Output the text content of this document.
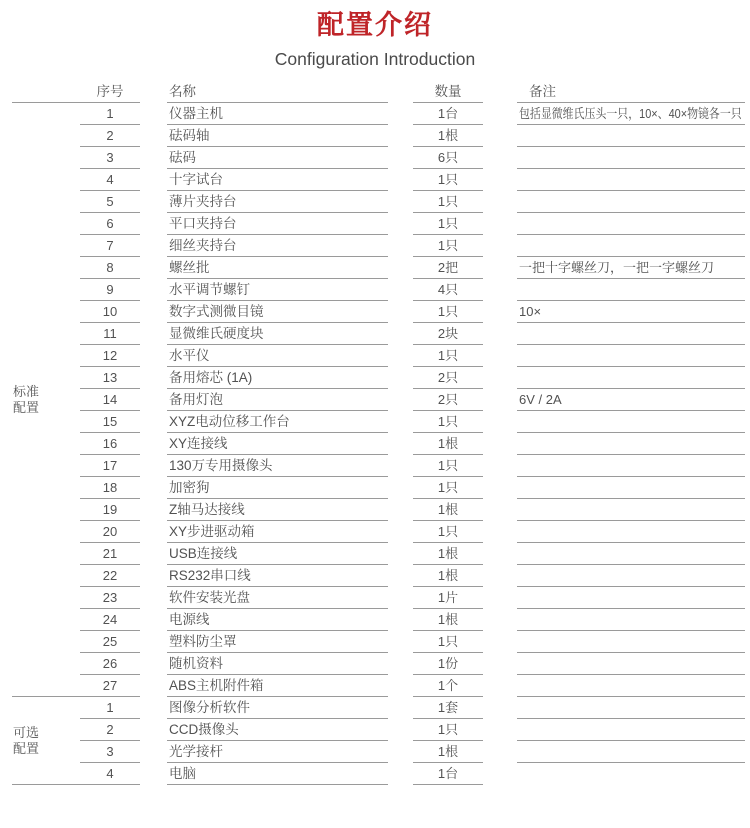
配置介绍
Configuration Introduction
序号	名称	数量	备注
1	仪器主机	1台	包括显微维氏压头一只，10×、40×物镜各一只
2	砝码轴	1根
3	砝码	6只
4	十字试台	1只
5	薄片夹持台	1只
6	平口夹持台	1只
7	细丝夹持台	1只
8	螺丝批	2把	一把十字螺丝刀，一把一字螺丝刀
9	水平调节螺钉	4只
10	数字式测微目镜	1只	10×
11	显微维氏硬度块	2块
12	水平仪	1只
13	备用熔芯 (1A)	2只
14	备用灯泡	2只	6V / 2A
15	XYZ电动位移工作台	1只
16	XY连接线	1根
17	130万专用摄像头	1只
18	加密狗	1只
19	Z轴马达接线	1根
20	XY步进驱动箱	1只
21	USB连接线	1根
22	RS232串口线	1根
23	软件安装光盘	1片
24	电源线	1根
25	塑料防尘罩	1只
26	随机资料	1份
27	ABS主机附件箱	1个
1	图像分析软件	1套
2	CCD摄像头	1只
3	光学接杆	1根
4	电脑	1台
标准
配置
可选
配置
